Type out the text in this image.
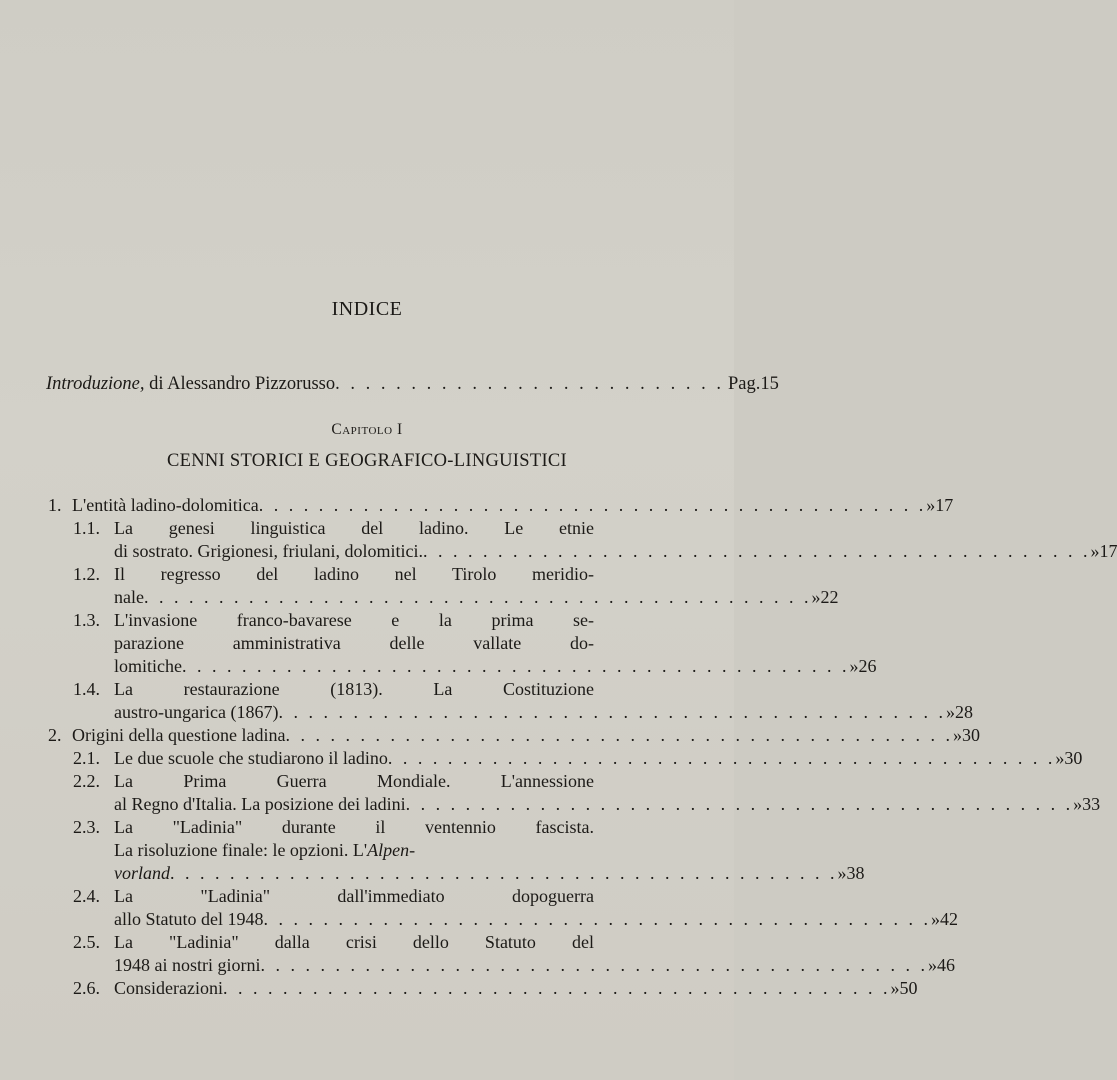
INDICE
Introduzione, di Alessandro Pizzorusso . . . . . . . . . . . . . . . . . . . . . . . . . . Pag. 15
Capitolo I
CENNI STORICI E GEOGRAFICO-LINGUISTICI
1. L'entità ladino-dolomitica . . . . . . . . . . . . . . . . . . . . . . . . . . . . . . . . . . . . . . . . . . . . . » 17
1.1. La genesi linguistica del ladino. Le etnie
di sostrato. Grigionesi, friulani, dolomitici. . . . . . . . . . . . . . . . . . . . . . . . . . . . . . . . . . . . . . . . . . . . . . » 17
1.2. Il regresso del ladino nel Tirolo meridio-
nale . . . . . . . . . . . . . . . . . . . . . . . . . . . . . . . . . . . . . . . . . . . . . » 22
1.3. L'invasione franco-bavarese e la prima se-
parazione amministrativa delle vallate do-
lomitiche . . . . . . . . . . . . . . . . . . . . . . . . . . . . . . . . . . . . . . . . . . . . . » 26
1.4. La restaurazione (1813). La Costituzione
austro-ungarica (1867) . . . . . . . . . . . . . . . . . . . . . . . . . . . . . . . . . . . . . . . . . . . . . » 28
2. Origini della questione ladina . . . . . . . . . . . . . . . . . . . . . . . . . . . . . . . . . . . . . . . . . . . . . » 30
2.1. Le due scuole che studiarono il ladino . . . . . . . . . . . . . . . . . . . . . . . . . . . . . . . . . . . . . . . . . . . . . » 30
2.2. La Prima Guerra Mondiale. L'annessione
al Regno d'Italia. La posizione dei ladini . . . . . . . . . . . . . . . . . . . . . . . . . . . . . . . . . . . . . . . . . . . . . » 33
2.3. La "Ladinia" durante il ventennio fascista.
La risoluzione finale: le opzioni. L'Alpen-
vorland . . . . . . . . . . . . . . . . . . . . . . . . . . . . . . . . . . . . . . . . . . . . . » 38
2.4. La "Ladinia" dall'immediato dopoguerra
allo Statuto del 1948 . . . . . . . . . . . . . . . . . . . . . . . . . . . . . . . . . . . . . . . . . . . . . » 42
2.5. La "Ladinia" dalla crisi dello Statuto del
1948 ai nostri giorni . . . . . . . . . . . . . . . . . . . . . . . . . . . . . . . . . . . . . . . . . . . . . » 46
2.6. Considerazioni . . . . . . . . . . . . . . . . . . . . . . . . . . . . . . . . . . . . . . . . . . . . . » 50
